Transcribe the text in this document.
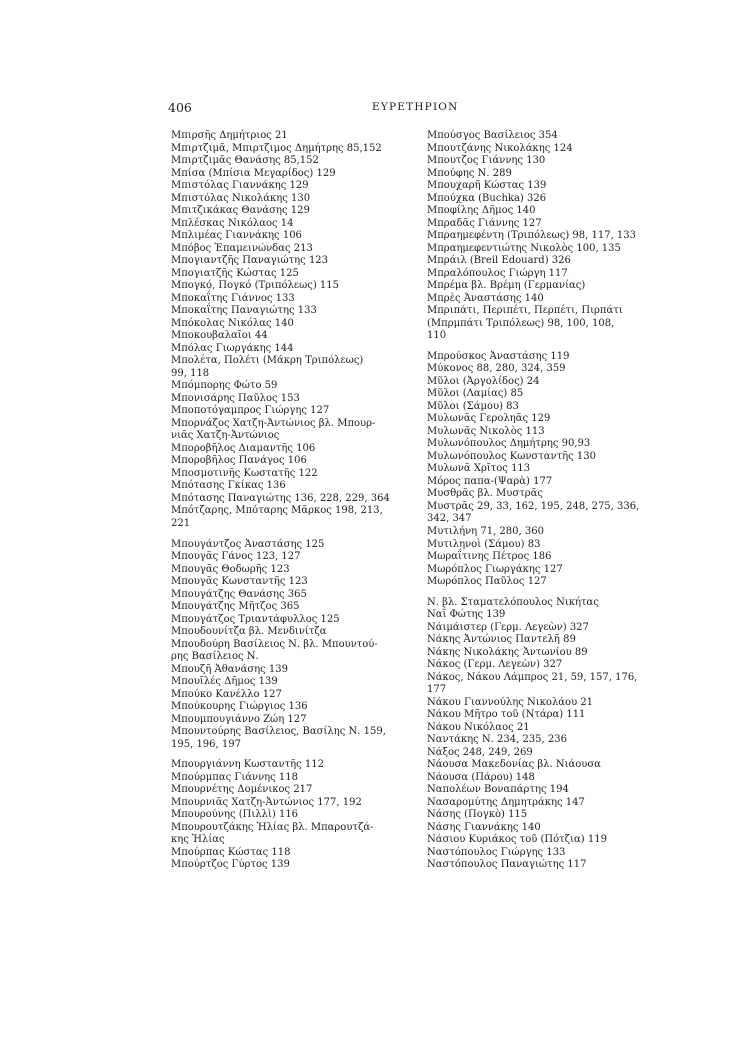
406	ΕΥΡΕΤΗΡΙΟΝ
Μπιρσῆς Δημήτριος 21
Μπιρτζιμᾶ, Μπιρτζιμος Δημήτρης 85,152
Μπιρτζιμᾶς Θανάσης 85,152
Μπίσα (Μπίσια Μεγαρίδος) 129
Μπιστόλας Γιαννάκης 129
Μπιστόλας Νικολάκης 130
Μπιτζικάκας Θανάσης 129
Μπλέσκας Νικόλαος 14
Μπλιμέας Γιαννάκης 106
Μπόβος Ἐπαμεινώνδας 213
Μπογιαντζῆς Παναγιώτης 123
Μπογιατζῆς Κώστας 125
Μπογκό, Πογκό (Τριπόλεως) 115
Μποκαΐτης Γιάννος 133
Μποκαΐτης Παναγιώτης 133
Μπόκολας Νικόλας 140
Μποκουβαλαῖοι 44
Μπόλας Γιωργάκης 144
Μπολέτα, Πολέτι (Μάκρη Τριπόλεως)
99, 118
Μπόμπορης Φώτο 59
Μπονισάρης Παῦλος 153
Μποποτόγαμπρος Γιώργης 127
Μπορνάζος Χατζη-Ἀντώνιος βλ. Μπουρ-
νιᾶς Χατζη-Ἀντώνιος
Μποροβῆλος Διαμαντῆς 106
Μποροβῆλος Πανάγος 106
Μποσμοτινῆς Κωστατῆς 122
Μπότασης Γκίκας 136
Μπότασης Παναγιώτης 136, 228, 229, 364
Μπότζαρης, Μπόταρης Μᾶρκος 198, 213,
221
Μπουγάντζος Ἀναστάσης 125
Μπουγᾶς Γάνος 123, 127
Μπουγᾶς Θοδωρῆς 123
Μπουγᾶς Κωνσταντῆς 123
Μπουγάτζης Θανάσης 365
Μπουγάτζης Μῆτζος 365
Μπουγάτζος Τριαντάφυλλος 125
Μπουδουνίτζα βλ. Μενδινίτζα
Μπουδούρη Βασίλειος Ν. βλ. Μπουντού-
ρης Βασίλειος Ν.
Μπουζῆ Ἀθανάσης 139
Μπουῖλές Δῆμος 139
Μπούκο Κανέλλο 127
Μπούκουρης Γιώργιος 136
Μπουμπουγιάννο Ζώη 127
Μπουντούρης Βασίλειος, Βασίλης Ν. 159,
195, 196, 197
Μπουργιάννη Κωσταντῆς 112
Μπούρμπας Γιάννης 118
Μπουρνέτης Δομένικος 217
Μπουρνιᾶς Χατζη-Ἀντώνιος 177, 192
Μπουρούνης (Πιλλὶ) 116
Μπουρουτζάκης Ἠλίας βλ. Μπαρουτζά-
κης Ἠλίας
Μπούρπας Κώστας 118
Μπούρτζος Γύρτος 139
Μπούσγος Βασίλειος 354
Μπουτζάνης Νικολάκης 124
Μπουτζος Γιάννης 130
Μπούφης Ν. 289
Μπουχαρῆ Κώστας 139
Μπούχκα (Buchka) 326
Μποφίλης Δῆμος 140
Μπραδᾶς Γιάννης 127
Μπραημεφέντη (Τριπόλεως) 98, 117, 133
Μπραημεφεντιώτης Νικολὸς 100, 135
Μπράιλ (Breil Edouard) 326
Μπραλόπουλος Γιώργη 117
Μπρέμα βλ. Βρέμη (Γερμανίας)
Μπρὲς Ἀναστάσης 140
Μπριπάτι, Περιπέτι, Περπέτι, Πιρπάτι
(Μπρμπάτι Τριπόλεως) 98, 100, 108,
110
Μπρούσκος Ἀναστάσης 119
Μύκονος 88, 280, 324, 359
Μῦλοι (Ἀργολίδος) 24
Μῦλοι (Λαμίας) 85
Μῦλοι (Σάμου) 83
Μυλωνᾶς Γεροληᾶς 129
Μυλωνᾶς Νικολὸς 113
Μυλωνόπουλος Δημήτρης 90,93
Μυλωνόπουλος Κωνσταντῆς 130
Μυλωνᾶ Χρῖτος 113
Μόρος παπα-(Ψαρὰ) 177
Μυσθρᾶς βλ. Μυστρᾶς
Μυστρᾶς 29, 33, 162, 195, 248, 275, 336,
342, 347
Μυτιλήνη 71, 280, 360
Μυτιληνοὶ (Σάμου) 83
Μωραΐτινης Πέτρος 186
Μωρόπλος Γιωργάκης 127
Μωρόπλος Παῦλος 127
Ν. βλ. Σταματελόπουλος Νικήτας
Ναΐ Φώτης 139
Νάιμάιστερ (Γερμ. Λεγεὼν) 327
Νάκης Ἀντώνιος Παντελῆ 89
Νάκης Νικολάκης Ἀντωνίου 89
Νάκος (Γερμ. Λεγεὼν) 327
Νάκος, Νάκου Λάμπρος 21, 59, 157, 176,
177
Νάκου Γιαννούλης Νικολάου 21
Νάκου Μῆτρο τοῦ (Ντάρα) 111
Νάκου Νικόλαος 21
Ναντάκης Ν. 234, 235, 236
Νάξος 248, 249, 269
Νάουσα Μακεδονίας βλ. Νιάουσα
Νάουσα (Πάρου) 148
Ναπολέων Βοναπάρτης 194
Νασαρομύτης Δημητράκης 147
Νάσης (Πογκὸ) 115
Νάσης Γιαννάκης 140
Νάσιου Κυριάκος τοῦ (Πότζια) 119
Ναστόπουλος Γιώργης 133
Ναστόπουλος Παναγιώτης 117
